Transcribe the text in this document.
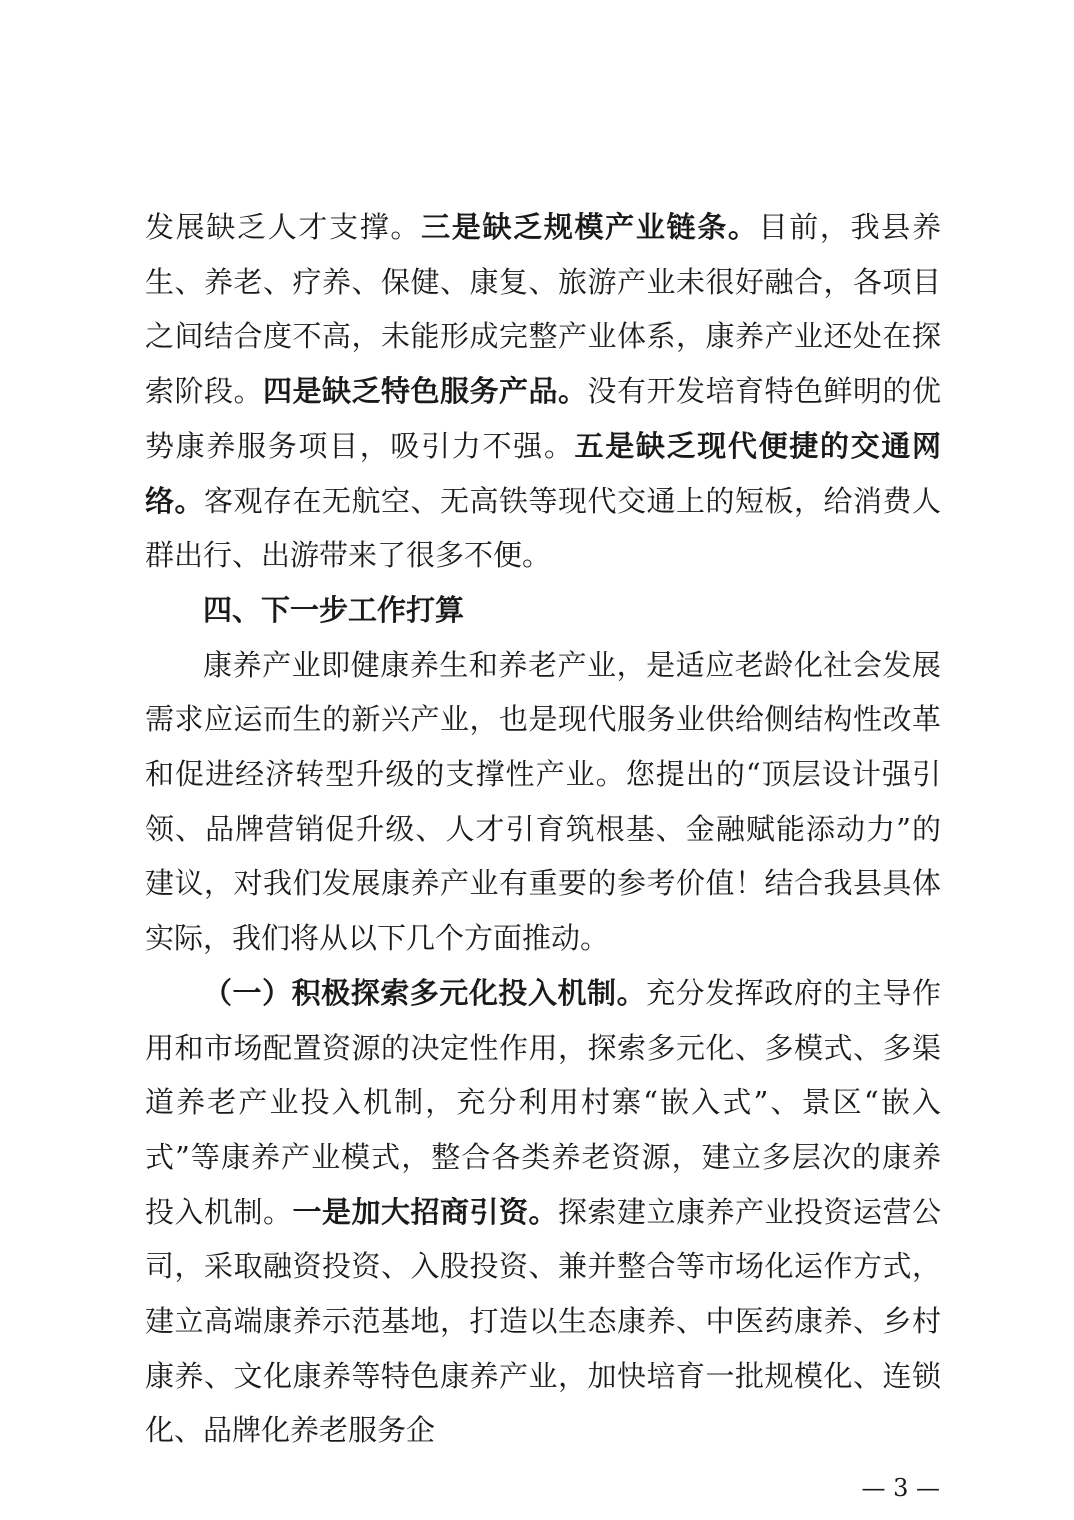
发展缺乏人才支撑。三是缺乏规模产业链条。目前，我县养生、养老、疗养、保健、康复、旅游产业未很好融合，各项目之间结合度不高，未能形成完整产业体系，康养产业还处在探索阶段。四是缺乏特色服务产品。没有开发培育特色鲜明的优势康养服务项目，吸引力不强。五是缺乏现代便捷的交通网络。客观存在无航空、无高铁等现代交通上的短板，给消费人群出行、出游带来了很多不便。

四、下一步工作打算

康养产业即健康养生和养老产业，是适应老龄化社会发展需求应运而生的新兴产业，也是现代服务业供给侧结构性改革和促进经济转型升级的支撑性产业。您提出的“顶层设计强引领、品牌营销促升级、人才引育筑根基、金融赋能添动力”的建议，对我们发展康养产业有重要的参考价值！结合我县具体实际，我们将从以下几个方面推动。

（一）积极探索多元化投入机制。充分发挥政府的主导作用和市场配置资源的决定性作用，探索多元化、多模式、多渠道养老产业投入机制，充分利用村寨“嵌入式”、景区“嵌入式”等康养产业模式，整合各类养老资源，建立多层次的康养投入机制。一是加大招商引资。探索建立康养产业投资运营公司，采取融资投资、入股投资、兼并整合等市场化运作方式，建立高端康养示范基地，打造以生态康养、中医药康养、乡村康养、文化康养等特色康养产业，加快培育一批规模化、连锁化、品牌化养老服务企

— 3 —
